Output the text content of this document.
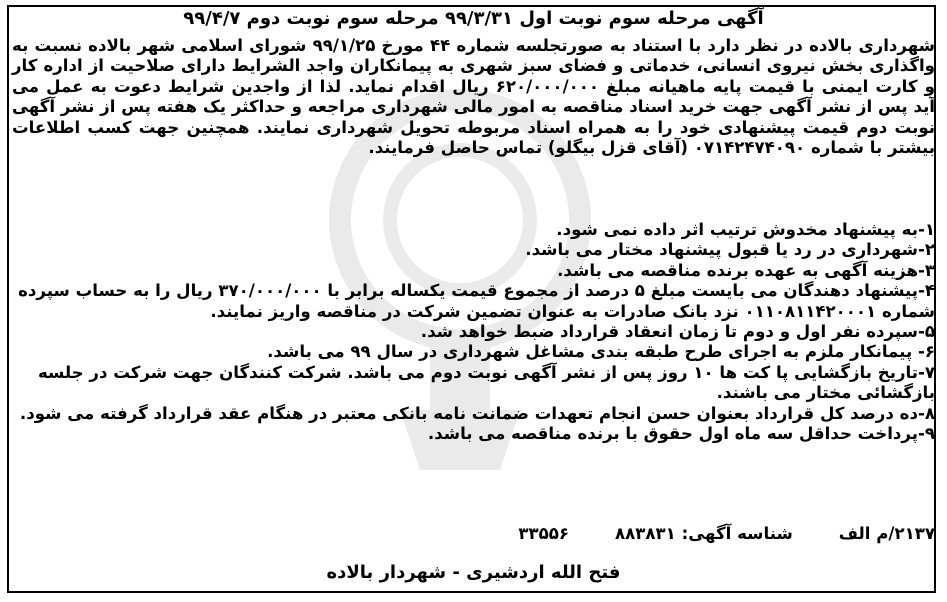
آگهی مرحله سوم نوبت اول ۹۹/۳/۳۱ مرحله سوم نوبت دوم ۹۹/۴/۷

شهرداری بالاده در نظر دارد با استناد به صورتجلسه شماره ۴۴ مورخ ۹۹/۱/۲۵ شورای اسلامی شهر بالاده نسبت به واگذاری بخش نیروی انسانی، خدماتی و فضای سبز شهری به پیمانکاران واجد الشرایط دارای صلاحیت از اداره کار و کارت ایمنی با قیمت پایه ماهیانه مبلغ ۶۲۰/۰۰۰/۰۰۰ ریال اقدام نماید. لذا از واجدین شرایط دعوت به عمل می آید پس از نشر آگهی جهت خرید اسناد مناقصه به امور مالی شهرداری مراجعه و حداکثر یک هفته پس از نشر آگهی نوبت دوم قیمت پیشنهادی خود را به همراه اسناد مربوطه تحویل شهرداری نمایند. همچنین جهت کسب اطلاعات بیشتر با شماره ۰۷۱۴۲۴۷۴۰۹۰ (آقای قزل بیگلو) تماس حاصل فرمایند.

۱-به پیشنهاد مخدوش ترتیب اثر داده نمی شود.
۲-شهرداری در رد یا قبول پیشنهاد مختار می باشد.
۳-هزینه آگهی به عهده برنده مناقصه می باشد.
۴-پیشنهاد دهندگان می بایست مبلغ ۵ درصد از مجموع قیمت یکساله برابر با ۳۷۰/۰۰۰/۰۰۰ ریال را به حساب سپرده شماره ۰۱۱۰۸۱۱۴۲۰۰۰۱ نزد بانک صادرات به عنوان تضمین شرکت در مناقصه واریز نمایند.
۵-سپرده نفر اول و دوم تا زمان انعقاد قرارداد ضبط خواهد شد.
۶- پیمانکار ملزم به اجرای طرح طبقه بندی مشاغل شهرداری در سال ۹۹ می باشد.
۷-تاریخ بازگشایی پا کت ها ۱۰ روز پس از نشر آگهی نوبت دوم می باشد. شرکت کنندگان جهت شرکت در جلسه بازگشائی مختار می باشند.
۸-ده درصد کل قرارداد بعنوان حسن انجام تعهدات ضمانت نامه بانکی معتبر در هنگام عقد قرارداد گرفته می شود.
۹-پرداخت حداقل سه ماه اول حقوق با برنده مناقصه می باشد.
۲۱۳۷/م الف
شناسه آگهی: ۸۸۳۸۳۱
۳۳۵۵۶
فتح الله اردشیری - شهردار بالاده
